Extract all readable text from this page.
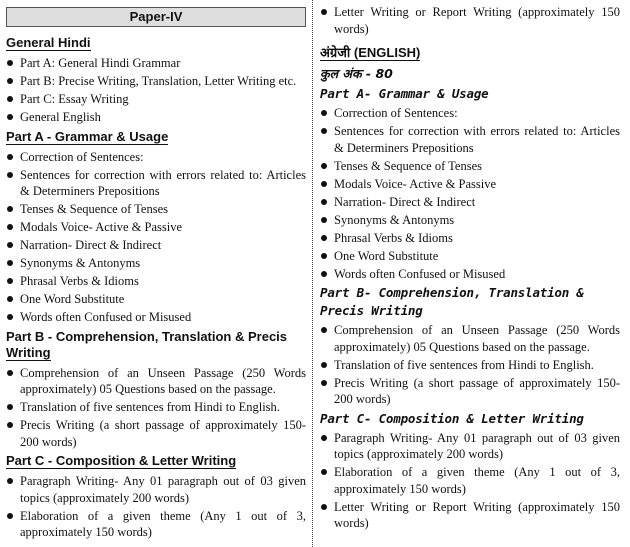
Paper-IV
General Hindi
Part A: General Hindi Grammar
Part B: Precise Writing, Translation, Letter Writing etc.
Part C: Essay Writing
General English
Part A - Grammar & Usage
Correction of Sentences:
Sentences for correction with errors related to: Articles & Determiners Prepositions
Tenses & Sequence of Tenses
Modals Voice- Active & Passive
Narration- Direct & Indirect
Synonyms & Antonyms
Phrasal Verbs & Idioms
One Word Substitute
Words often Confused or Misused
Part B - Comprehension, Translation & Precis
Writing
Comprehension of an Unseen Passage (250 Words approximately) 05 Questions based on the passage.
Translation of five sentences from Hindi to English.
Precis Writing (a short passage of approximately 150-200 words)
Part C - Composition & Letter Writing
Paragraph Writing- Any 01 paragraph out of 03 given topics (approximately 200 words)
Elaboration of a given theme (Any 1 out of 3, approximately 150 words)
Letter Writing or Report Writing (approximately 150 words)
अंग्रेजी (ENGLISH)
कुल अंक - 80
Part A- Grammar & Usage
Correction of Sentences:
Sentences for correction with errors related to: Articles & Determiners Prepositions
Tenses & Sequence of Tenses
Modals Voice- Active & Passive
Narration- Direct & Indirect
Synonyms & Antonyms
Phrasal Verbs & Idioms
One Word Substitute
Words often Confused or Misused
Part B- Comprehension, Translation &
Precis Writing
Comprehension of an Unseen Passage (250 Words approximately) 05 Questions based on the passage.
Translation of five sentences from Hindi to English.
Precis Writing (a short passage of approximately 150-200 words)
Part C- Composition & Letter Writing
Paragraph Writing- Any 01 paragraph out of 03 given topics (approximately 200 words)
Elaboration of a given theme (Any 1 out of 3, approximately 150 words)
Letter Writing or Report Writing (approximately 150 words)
